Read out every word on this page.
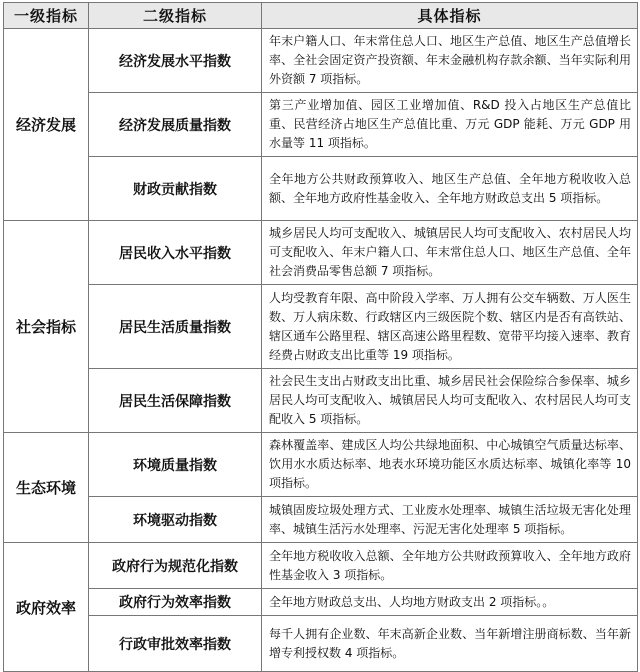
一级指标	二级指标	具体指标
经济发展	经济发展水平指数	年末户籍人口、年末常住总人口、地区生产总值、地区生产总值增长率、全社会固定资产投资额、年末金融机构存款余额、当年实际利用外资额 7 项指标。
	经济发展质量指数	第三产业增加值、园区工业增加值、R&D 投入占地区生产总值比重、民营经济占地区生产总值比重、万元 GDP 能耗、万元 GDP 用水量等 11 项指标。
	财政贡献指数	全年地方公共财政预算收入、地区生产总值、全年地方税收收入总额、全年地方政府性基金收入、全年地方财政总支出 5 项指标。
社会指标	居民收入水平指数	城乡居民人均可支配收入、城镇居民人均可支配收入、农村居民人均可支配收入、年末户籍人口、年末常住总人口、地区生产总值、全年社会消费品零售总额 7 项指标。
	居民生活质量指数	人均受教育年限、高中阶段入学率、万人拥有公交车辆数、万人医生数、万人病床数、行政辖区内三级医院个数、辖区内是否有高铁站、辖区通车公路里程、辖区高速公路里程数、宽带平均接入速率、教育经费占财政支出比重等 19 项指标。
	居民生活保障指数	社会民生支出占财政支出比重、城乡居民社会保险综合参保率、城乡居民人均可支配收入、城镇居民人均可支配收入、农村居民人均可支配收入 5 项指标。
生态环境	环境质量指数	森林覆盖率、建成区人均公共绿地面积、中心城镇空气质量达标率、饮用水水质达标率、地表水环境功能区水质达标率、城镇化率等 10 项指标。
	环境驱动指数	城镇固废垃圾处理方式、工业废水处理率、城镇生活垃圾无害化处理率、城镇生活污水处理率、污泥无害化处理率 5 项指标。
政府效率	政府行为规范化指数	全年地方税收收入总额、全年地方公共财政预算收入、全年地方政府性基金收入 3 项指标。
	政府行为效率指数	全年地方财政总支出、人均地方财政支出 2 项指标。。
	行政审批效率指数	每千人拥有企业数、年末高新企业数、当年新增注册商标数、当年新增专利授权数 4 项指标。
